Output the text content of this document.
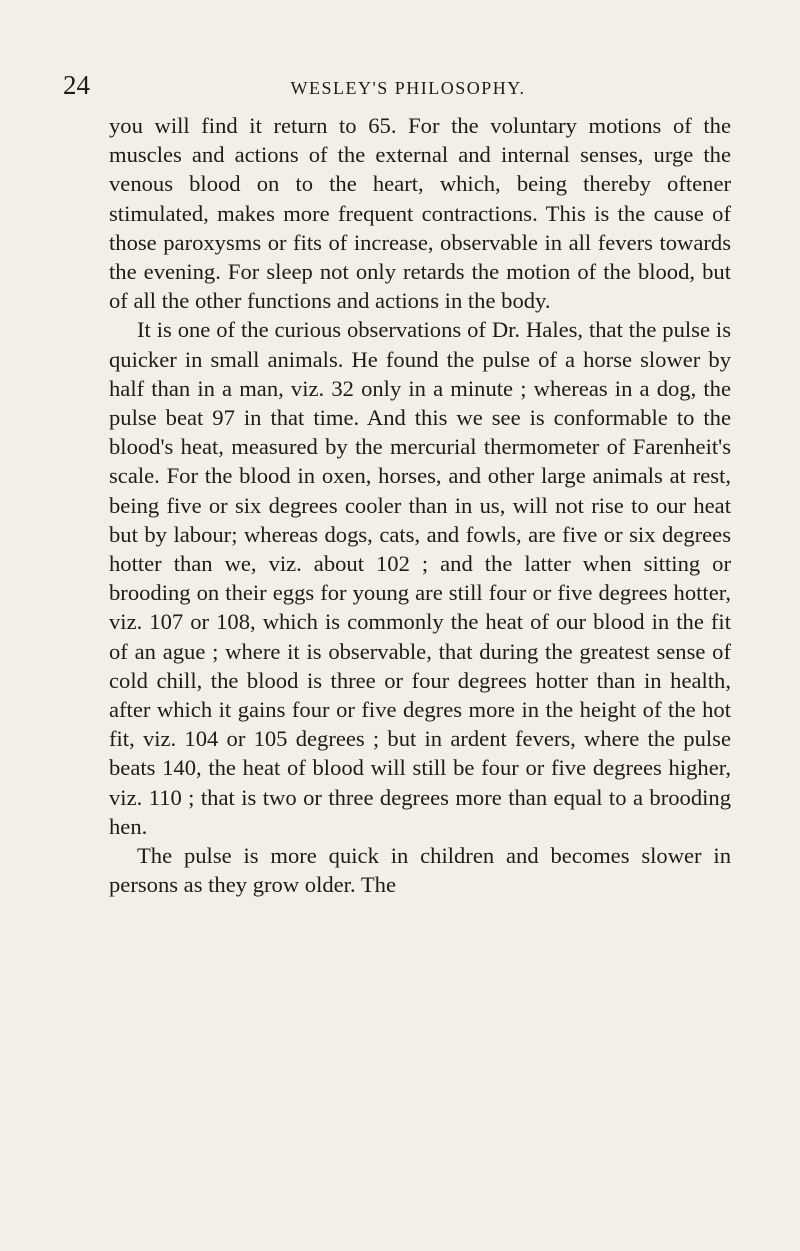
24	WESLEY'S PHILOSOPHY.

you will find it return to 65. For the voluntary motions of the muscles and actions of the external and internal senses, urge the venous blood on to the heart, which, being thereby oftener stimulated, makes more frequent contractions. This is the cause of those paroxysms or fits of increase, observable in all fevers towards the evening. For sleep not only retards the motion of the blood, but of all the other functions and actions in the body.

It is one of the curious observations of Dr. Hales, that the pulse is quicker in small animals. He found the pulse of a horse slower by half than in a man, viz. 32 only in a minute ; whereas in a dog, the pulse beat 97 in that time. And this we see is conformable to the blood's heat, measured by the mercurial thermometer of Farenheit's scale. For the blood in oxen, horses, and other large animals at rest, being five or six degrees cooler than in us, will not rise to our heat but by labour; whereas dogs, cats, and fowls, are five or six degrees hotter than we, viz. about 102 ; and the latter when sitting or brooding on their eggs for young are still four or five degrees hotter, viz. 107 or 108, which is commonly the heat of our blood in the fit of an ague ; where it is observable, that during the greatest sense of cold chill, the blood is three or four degrees hotter than in health, after which it gains four or five degres more in the height of the hot fit, viz. 104 or 105 degrees ; but in ardent fevers, where the pulse beats 140, the heat of blood will still be four or five degrees higher, viz. 110 ; that is two or three degrees more than equal to a brooding hen.

The pulse is more quick in children and becomes slower in persons as they grow older. The
